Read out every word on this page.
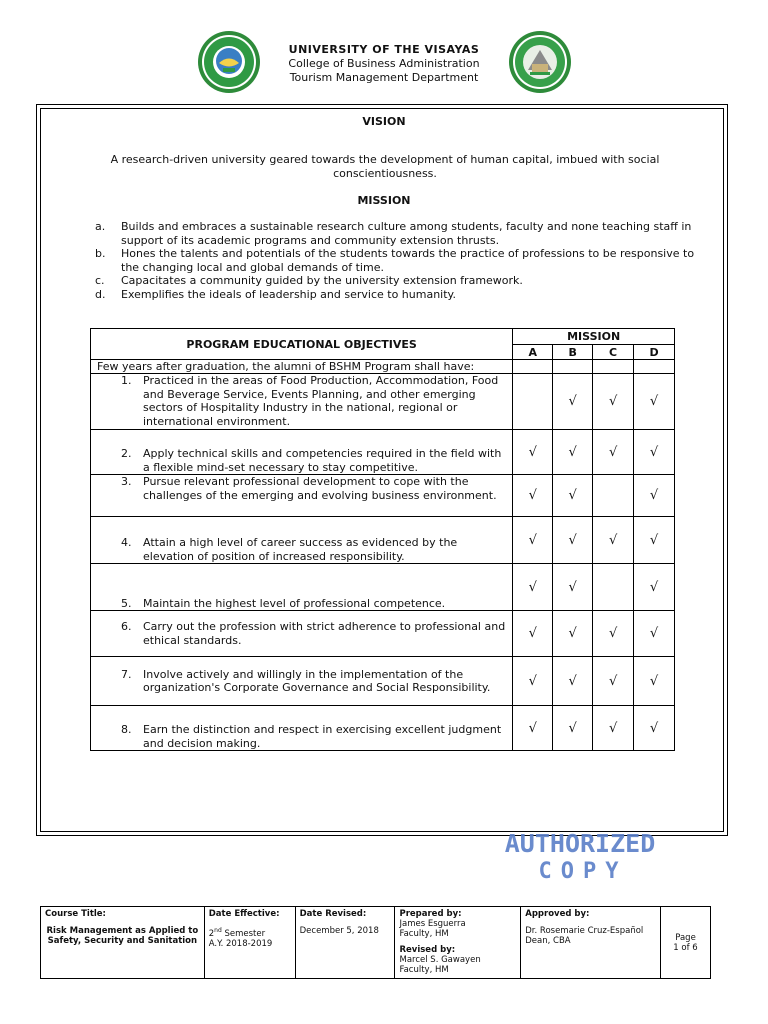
UNIVERSITY OF THE VISAYAS
College of Business Administration
Tourism Management Department
VISION
A research-driven university geared towards the development of human capital, imbued with social conscientiousness.
MISSION
a.	Builds and embraces a sustainable research culture among students, faculty and none teaching staff in support of its academic programs and community extension thrusts.
b.	Hones the talents and potentials of the students towards the practice of professions to be responsive to the changing local and global demands of time.
c.	Capacitates a community guided by the university extension framework.
d.	Exemplifies the ideals of leadership and service to humanity.
PROGRAM EDUCATIONAL OBJECTIVES	MISSION			
	A	B	C	D
Few years after graduation, the alumni of BSHM Program shall have:				

1. Practiced in the areas of Food Production, Accommodation, Food and Beverage Service, Events Planning, and other emerging sectors of Hospitality Industry in the national, regional or international environment.		√	√	√

2. Apply technical skills and competencies required in the field with a flexible mind-set necessary to stay competitive.	√	√	√	√

3. Pursue relevant professional development to cope with the challenges of the emerging and evolving business environment.	√	√		√

4. Attain a high level of career success as evidenced by the elevation of position of increased responsibility.	√	√	√	√

5. Maintain the highest level of professional competence.	√	√		√

6. Carry out the profession with strict adherence to professional and ethical standards.	√	√	√	√

7. Involve actively and willingly in the implementation of the organization's Corporate Governance and Social Responsibility.	√	√	√	√

8. Earn the distinction and respect in exercising excellent judgment and decision making.	√	√	√	√
AUTHORIZED
COPY
Course Title:
Risk Management as Applied to Safety, Security and Sanitation

Date Effective:
2nd Semester
A.Y. 2018-2019

Date Revised:
December 5, 2018

Prepared by:
James Esguerra
Faculty, HM
Revised by:
Marcel S. Gawayen
Faculty, HM

Approved by:
Dr. Rosemarie Cruz-Español
Dean, CBA	Page
1 of 6
